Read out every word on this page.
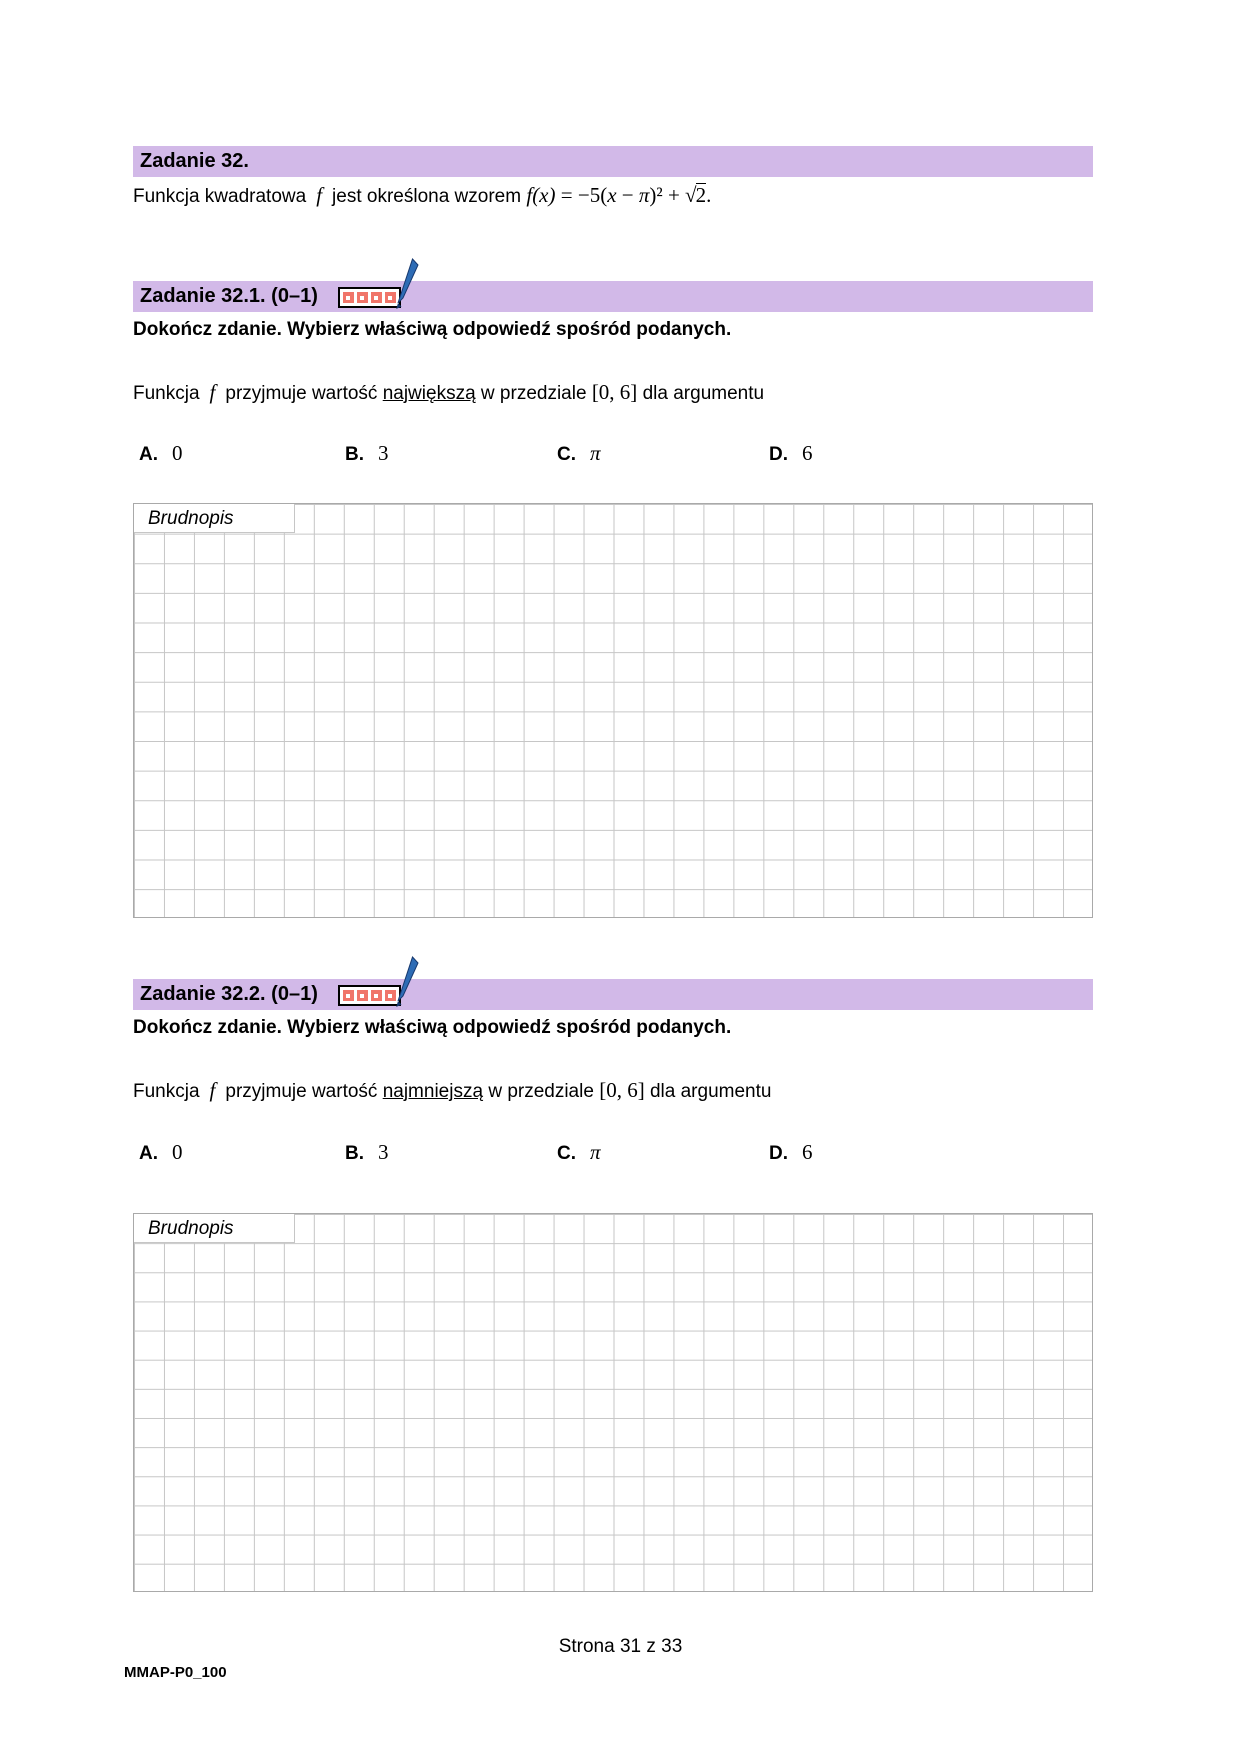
Zadanie 32.
Funkcja kwadratowa f jest określona wzorem f(x) = −5(x − π)² + √2.
Zadanie 32.1. (0–1)
Dokończ zdanie. Wybierz właściwą odpowiedź spośród podanych.
Funkcja f przyjmuje wartość największą w przedziale [0, 6] dla argumentu
A. 0	B. 3	C. π	D. 6
Brudnopis
Zadanie 32.2. (0–1)
Dokończ zdanie. Wybierz właściwą odpowiedź spośród podanych.
Funkcja f przyjmuje wartość najmniejszą w przedziale [0, 6] dla argumentu
A. 0	B. 3	C. π	D. 6
Brudnopis
Strona 31 z 33
MMAP-P0_100
